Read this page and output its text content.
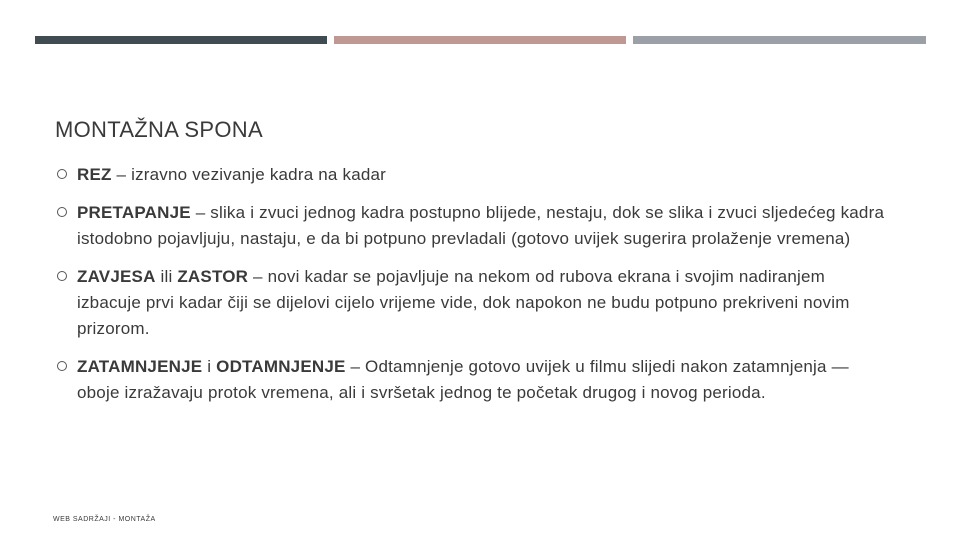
MONTAŽNA SPONA
REZ – izravno vezivanje kadra na kadar
PRETAPANJE – slika i zvuci jednog kadra postupno blijede, nestaju, dok se slika i zvuci sljedećeg kadra istodobno pojavljuju, nastaju, e da bi potpuno prevladali (gotovo uvijek sugerira prolaženje vremena)
ZAVJESA ili ZASTOR – novi kadar se pojavljuje na nekom od rubova ekrana i svojim nadiranjem izbacuje prvi kadar čiji se dijelovi cijelo vrijeme vide, dok napokon ne budu potpuno prekriveni novim prizorom.
ZATAMNJENJE i ODTAMNJENJE – Odtamnjenje gotovo uvijek u filmu slijedi nakon zatamnjenja — oboje izražavaju protok vremena, ali i svršetak jednog te početak drugog i novog perioda.
WEB SADRŽAJI - MONTAŽA
